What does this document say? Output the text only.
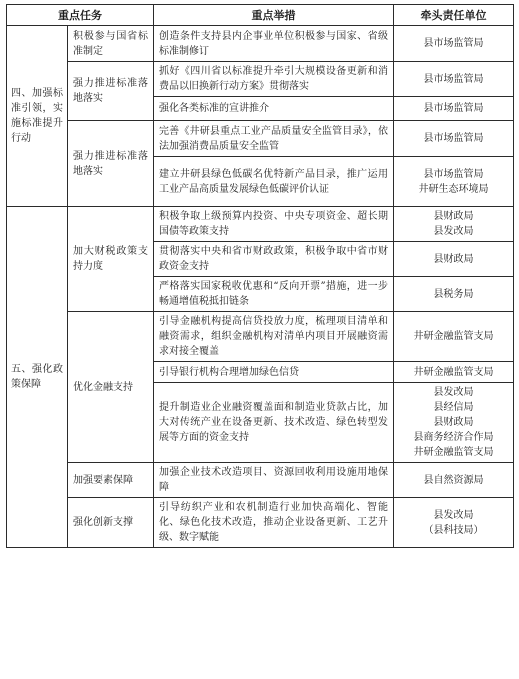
重点任务		重点举措	牵头责任单位
四、加强标准引领，实施标准提升行动	积极参与国省标准制定	创造条件支持县内企事业单位积极参与国家、省级标准制修订	县市场监管局

	强力推进标准落地落实	抓好《四川省以标准提升牵引大规模设备更新和消费品以旧换新行动方案》贯彻落实	县市场监管局

		强化各类标准的宣讲推介	县市场监管局

	强力推进标准落地落实	完善《井研县重点工业产品质量安全监管目录》，依法加强消费品质量安全监管	县市场监管局

		建立井研县绿色低碳名优特新产品目录，推广运用工业产品高质量发展绿色低碳评价认证	县市场监管局
井研生态环境局

五、强化政策保障	加大财税政策支持力度	积极争取上级预算内投资、中央专项资金、超长期国债等政策支持	县财政局
县发改局

		贯彻落实中央和省市财政政策，积极争取中省市财政资金支持	县财政局

		严格落实国家税收优惠和“反向开票”措施，进一步畅通增值税抵扣链条	县税务局

	优化金融支持	引导金融机构提高信贷投放力度，梳理项目清单和融资需求，组织金融机构对清单内项目开展融资需求对接全覆盖	井研金融监管支局

		引导银行机构合理增加绿色信贷	井研金融监管支局

		提升制造业企业融资覆盖面和制造业贷款占比，加大对传统产业在设备更新、技术改造、绿色转型发展等方面的资金支持	县发改局
县经信局
县财政局
县商务经济合作局
井研金融监管支局

	加强要素保障	加强企业技术改造项目、资源回收利用设施用地保障	县自然资源局

	强化创新支撑	引导纺织产业和农机制造行业加快高端化、智能化、绿色化技术改造，推动企业设备更新、工艺升级、数字赋能	县发改局
（县科技局）
